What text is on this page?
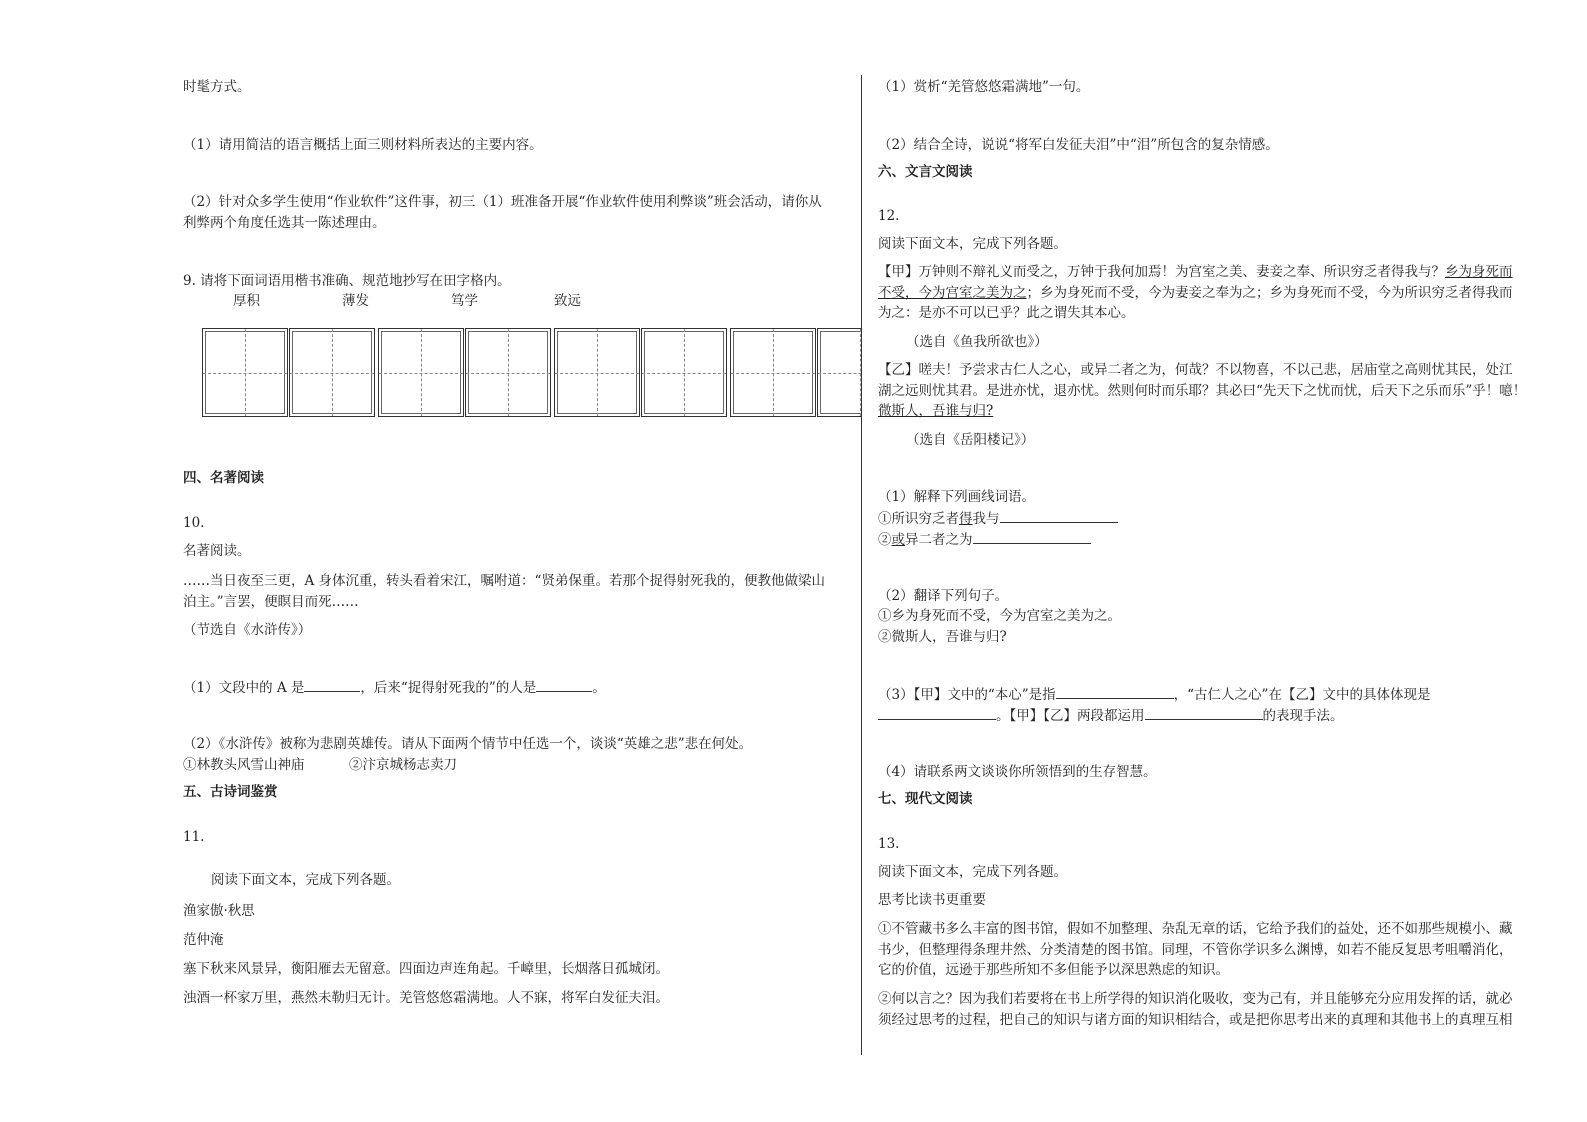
时髦方式。
（1）请用简洁的语言概括上面三则材料所表达的主要内容。
（2）针对众多学生使用“作业软件”这件事，初三（1）班准备开展“作业软件使用利弊谈”班会活动，请你从
利弊两个角度任选其一陈述理由。
9. 请将下面词语用楷书准确、规范地抄写在田字格内。
厚积	薄发	笃学	致远
四、名著阅读
10.
名著阅读。
……当日夜至三更，A 身体沉重，转头看着宋江，嘱咐道：“贤弟保重。若那个捉得射死我的，便教他做梁山
泊主。”言罢，便瞑目而死……
（节选自《水浒传》）
（1）文段中的 A 是	，后来“捉得射死我的”的人是	。
（2）《水浒传》被称为悲剧英雄传。请从下面两个情节中任选一个，谈谈“英雄之悲”悲在何处。
①林教头风雪山神庙	②汴京城杨志卖刀
五、古诗词鉴赏
11.
阅读下面文本，完成下列各题。
渔家傲·秋思
范仲淹
塞下秋来风景异，衡阳雁去无留意。四面边声连角起。千嶂里，长烟落日孤城闭。
浊酒一杯家万里，燕然未勒归无计。羌管悠悠霜满地。人不寐，将军白发征夫泪。
（1）赏析“羌管悠悠霜满地”一句。
（2）结合全诗，说说“将军白发征夫泪”中“泪”所包含的复杂情感。
六、文言文阅读
12.
阅读下面文本，完成下列各题。
【甲】万钟则不辩礼义而受之，万钟于我何加焉！为宫室之美、妻妾之奉、所识穷乏者得我与？乡为身死而
不受，今为宫室之美为之；乡为身死而不受，今为妻妾之奉为之；乡为身死而不受，今为所识穷乏者得我而
为之：是亦不可以已乎？此之谓失其本心。
（选自《鱼我所欲也》）
【乙】嗟夫！予尝求古仁人之心，或异二者之为，何哉？不以物喜，不以己悲，居庙堂之高则忧其民，处江
湖之远则忧其君。是进亦忧，退亦忧。然则何时而乐耶？其必曰“先天下之忧而忧，后天下之乐而乐”乎！噫！
微斯人，吾谁与归?
（选自《岳阳楼记》）
（1）解释下列画线词语。
①所识穷乏者得我与
②或异二者之为
（2）翻译下列句子。
①乡为身死而不受，今为宫室之美为之。
②微斯人，吾谁与归?
（3）【甲】文中的“本心”是指	，“古仁人之心”在【乙】文中的具体体现是
。【甲】【乙】两段都运用	的表现手法。
（4）请联系两文谈谈你所领悟到的生存智慧。
七、现代文阅读
13.
阅读下面文本，完成下列各题。
思考比读书更重要
①不管藏书多么丰富的图书馆，假如不加整理、杂乱无章的话，它给予我们的益处，还不如那些规模小、藏
书少，但整理得条理井然、分类清楚的图书馆。同理，不管你学识多么渊博，如若不能反复思考咀嚼消化，
它的价值，远逊于那些所知不多但能予以深思熟虑的知识。
②何以言之？因为我们若要将在书上所学得的知识消化吸收，变为己有，并且能够充分应用发挥的话，就必
须经过思考的过程，把自己的知识与诸方面的知识相结合，或是把你思考出来的真理和其他书上的真理互相
